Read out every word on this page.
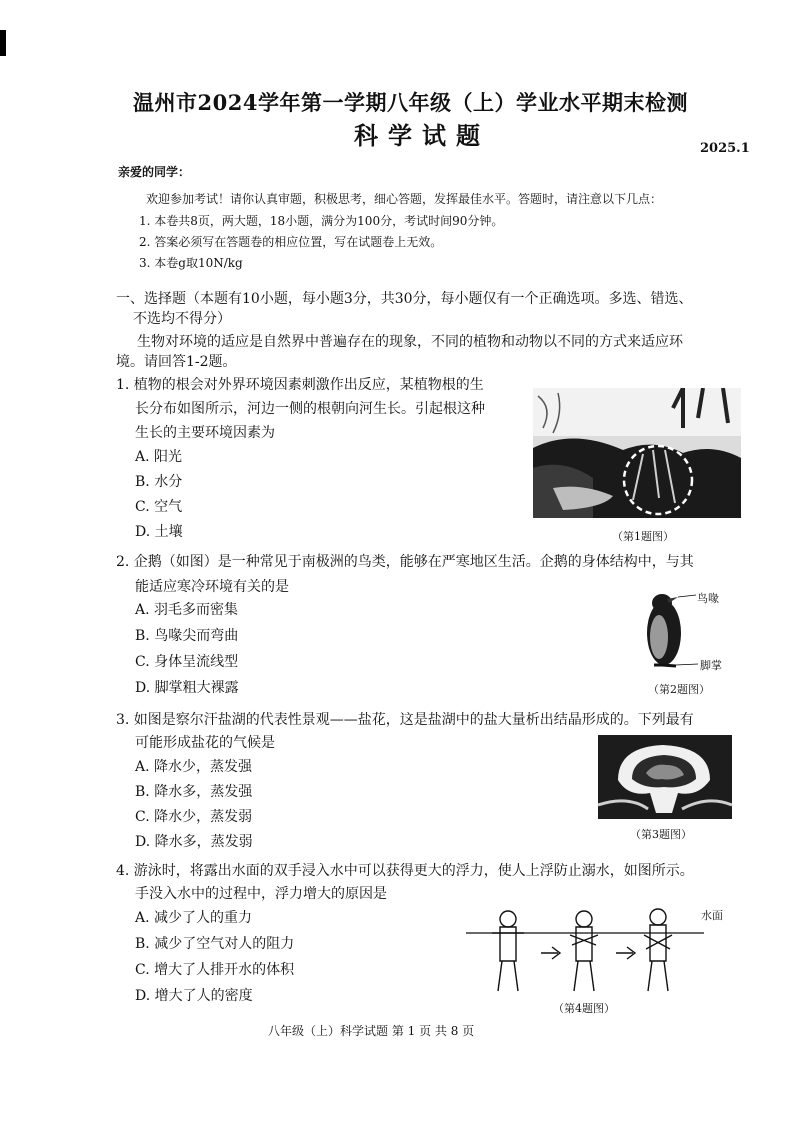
温州市2024学年第一学期八年级（上）学业水平期末检测
科学试题	2025.1
亲爱的同学：
欢迎参加考试！请你认真审题，积极思考，细心答题，发挥最佳水平。答题时，请注意以下几点：
1. 本卷共8页，两大题，18小题，满分为100分，考试时间90分钟。
2. 答案必须写在答题卷的相应位置，写在试题卷上无效。
3. 本卷g取10N/kg
一、选择题（本题有10小题，每小题3分，共30分，每小题仅有一个正确选项。多选、错选、
不选均不得分）
生物对环境的适应是自然界中普遍存在的现象，不同的植物和动物以不同的方式来适应环
境。请回答1-2题。
1. 植物的根会对外界环境因素刺激作出反应，某植物根的生
长分布如图所示，河边一侧的根朝向河生长。引起根这种
生长的主要环境因素为
A. 阳光
B. 水分
C. 空气
D. 土壤	（第1题图）
2. 企鹅（如图）是一种常见于南极洲的鸟类，能够在严寒地区生活。企鹅的身体结构中，与其
能适应寒冷环境有关的是
A. 羽毛多而密集
B. 鸟喙尖而弯曲
C. 身体呈流线型
D. 脚掌粗大裸露
鸟喙
脚掌
（第2题图）
3. 如图是察尔汗盐湖的代表性景观——盐花，这是盐湖中的盐大量析出结晶形成的。下列最有
可能形成盐花的气候是
A. 降水少，蒸发强
B. 降水多，蒸发强
C. 降水少，蒸发弱
D. 降水多，蒸发弱	（第3题图）
4. 游泳时，将露出水面的双手浸入水中可以获得更大的浮力，使人上浮防止溺水，如图所示。
手没入水中的过程中，浮力增大的原因是
A. 减少了人的重力
B. 减少了空气对人的阻力
C. 增大了人排开水的体积
D. 增大了人的密度
水面
（第4题图）
八年级（上）科学试题 第 1 页 共 8 页
